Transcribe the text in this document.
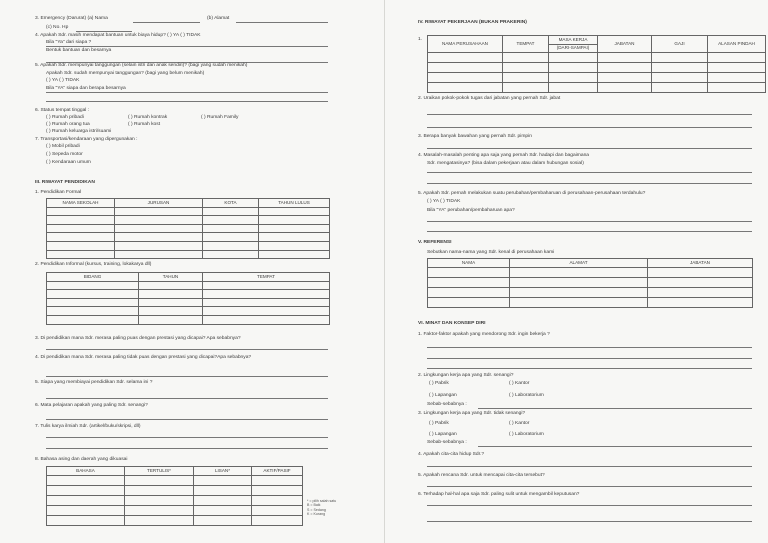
3. Emergency (Darurat) (a) Nama	(b) Alamat
(c) No. Hp
4. Apakah Sdr. masih mendapat bantuan untuk biaya hidup? ( ) YA ( ) TIDAK
Bila "Ya" dari siapa ?
Bentuk bantuan dan besarnya
5. Apakah Sdr. mempunyai tanggungan (selain istri dan anak sendiri)? (bagi yang sudah menikah)
Apakah Sdr. sudah mempunyai tanggungan? (bagi yang belum menikah)
( ) YA ( ) TIDAK
Bila "YA" siapa dan berapa besarnya
6. Status tempat tinggal :
( ) Rumah pribadi	( ) Rumah kontrak	( ) Rumah Family
( ) Rumah orang tua	( ) Rumah kost
( ) Rumah keluarga istri/suami
7. Transportasi/kendaraan yang dipergunakan :
( ) Mobil pribadi
( ) Sepeda motor
( ) Kendaraan umum
III. RIWAYAT PENDIDIKAN
1. Pendidikan Formal
NAMA SEKOLAH	JURUSAN	KOTA	TAHUN LULUS

2. Pendidikan Informal (kursus, training, lokakarya dll)
BIDANG	TAHUN	TEMPAT

3. Di pendidikan mana Sdr. merasa paling puas dengan prestasi yang dicapai? Apa sebabnya?
4. Di pendidikan mana Sdr. merasa paling tidak puas dengan prestasi yang dicapai?Apa sebabnya?
5. Siapa yang membiayai pendidikan Sdr. selama ini ?
6. Mata pelajaran apakah yang paling Sdr. senangi?
7. Tulis karya ilmiah Sdr. (artikel/buku/skripsi, dll)
8. Bahasa asing dan daerah yang dikuasai
BAHASA	TERTULIS*	LISAN*	AKTIF/PASIF

* = pilih salah satu
B = Baik
S = Sedang
K = Kurang
IV. RIWAYAT PEKERJAAN (BUKAN PRAKERIN)
1.
NAMA PERUSAHAAN	TEMPAT	MASA KERJA	JABATAN	GAJI	ALASAN PINDAH
		(DARI-SAMPAI)			

2. Uraikan pokok-pokok tugas dari jabatan yang pernah Sdr. jabat
3. Berapa banyak bawahan yang pernah Sdr. pimpin
4. Masalah-masalah penting apa saja yang pernah Sdr. hadapi dan bagaimana
Sdr. mengatasinya? (bisa dalam pekerjaan atau dalam hubungan sosial)
5. Apakah Sdr. pernah melakukan suatu perubahan/pembaharuan di perusahaan-perusahaan terdahulu?
( ) YA ( ) TIDAK
Bila "YA" perubahan/pembaharuan apa?
V. REFERENSI
Sebutkan nama-nama yang Sdr. kenal di perusahaan kami
NAMA	ALAMAT	JABATAN

VI. MINAT DAN KONSEP DIRI
1. Faktor-faktor apakah yang mendorong Sdr. ingin bekerja ?
2. Lingkungan kerja apa yang Sdr. senangi?
( ) Pabrik	( ) Kantor
( ) Lapangan	( ) Laboratorium
Sebab-sebabnya :
3. Lingkungan kerja apa yang Sdr. tidak senangi?
( ) Pabrik	( ) Kantor
( ) Lapangan	( ) Laboratorium
Sebab-sebabnya :
4. Apakah cita-cita hidup Sdr.?
5. Apakah rencana Sdr. untuk mencapai cita-cita tersebut?
6. Terhadap hal-hal apa saja Sdr. paling sulit untuk mengambil keputusan?
